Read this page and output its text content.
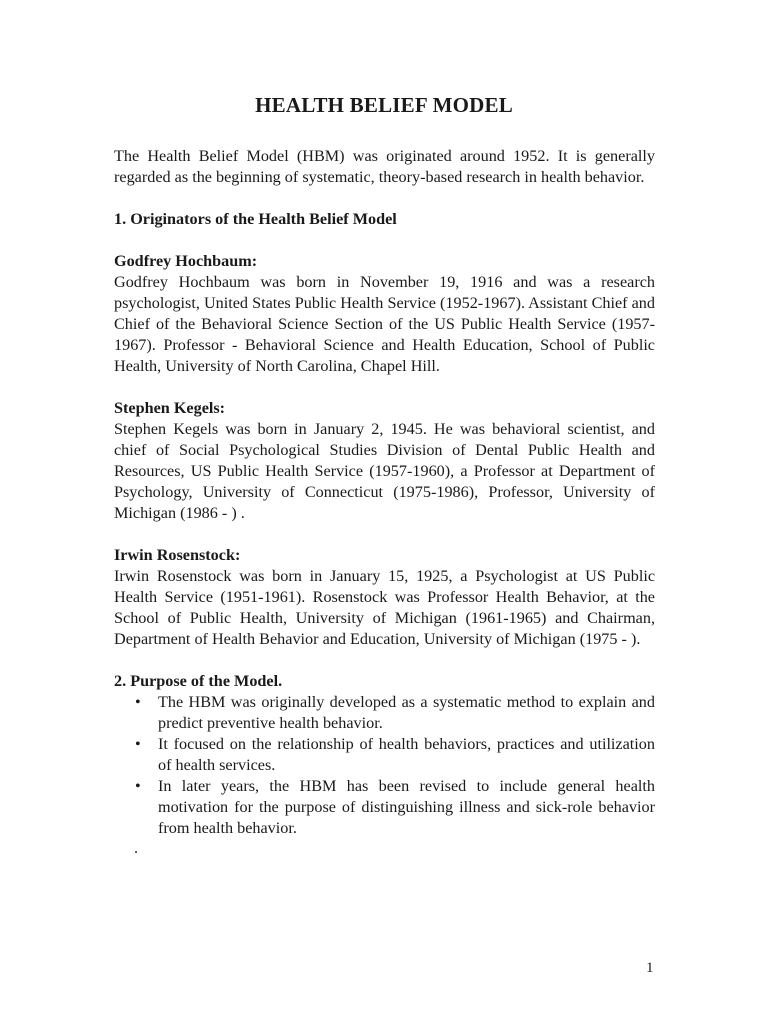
HEALTH BELIEF MODEL

The Health Belief Model (HBM) was originated around 1952. It is generally regarded as the beginning of systematic, theory-based research in health behavior.

1. Originators of the Health Belief Model

Godfrey Hochbaum:

Godfrey Hochbaum was born in November 19, 1916 and was a research psychologist, United States Public Health Service (1952-1967). Assistant Chief and Chief of the Behavioral Science Section of the US Public Health Service (1957-1967). Professor - Behavioral Science and Health Education, School of Public Health, University of North Carolina, Chapel Hill.

Stephen Kegels:

Stephen Kegels was born in January 2, 1945. He was behavioral scientist, and chief of Social Psychological Studies Division of Dental Public Health and Resources, US Public Health Service (1957-1960), a Professor at Department of Psychology, University of Connecticut (1975-1986), Professor, University of Michigan (1986 - ) .

Irwin Rosenstock:

Irwin Rosenstock was born in January 15, 1925, a Psychologist at US Public Health Service (1951-1961). Rosenstock was Professor Health Behavior, at the School of Public Health, University of Michigan (1961-1965) and Chairman, Department of Health Behavior and Education, University of Michigan (1975 - ).

2. Purpose of the Model.

• The HBM was originally developed as a systematic method to explain and predict preventive health behavior.
• It focused on the relationship of health behaviors, practices and utilization of health services.
• In later years, the HBM has been revised to include general health motivation for the purpose of distinguishing illness and sick-role behavior from health behavior.

.

1
